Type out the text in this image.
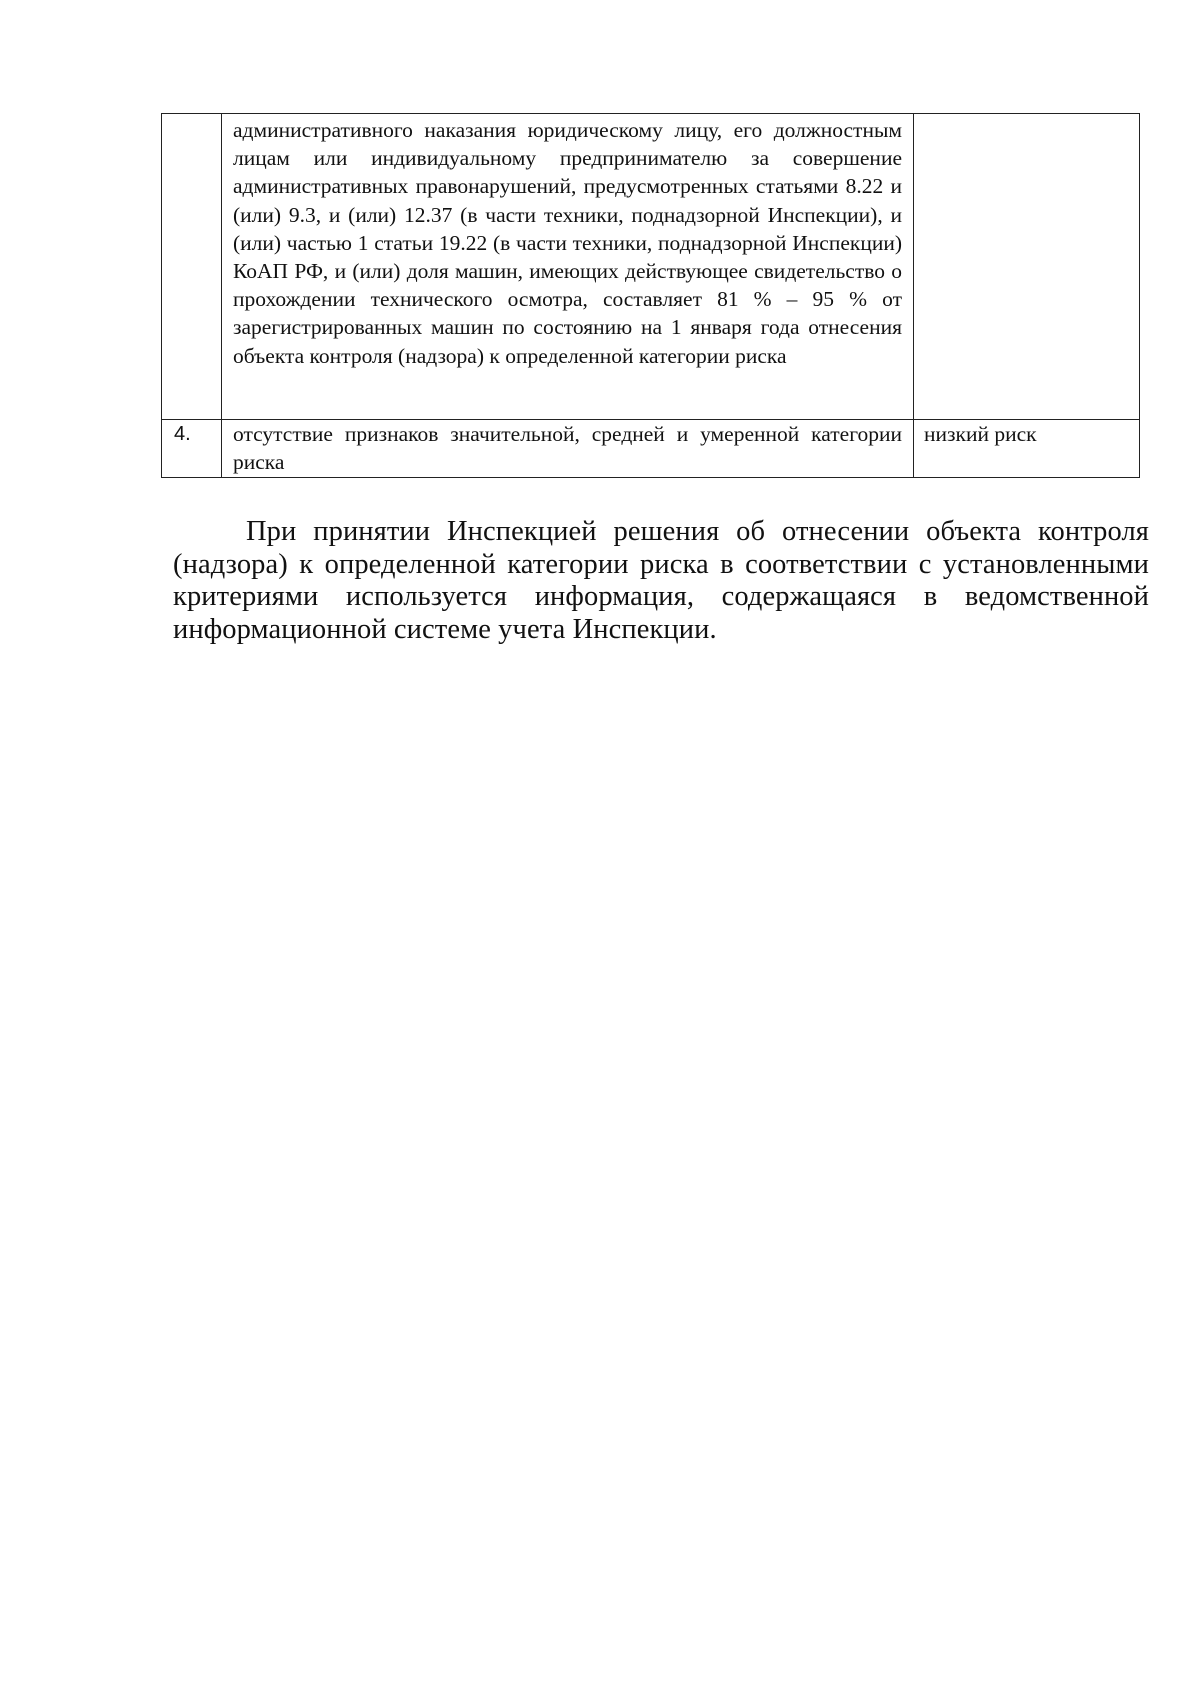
	административного наказания юридическому лицу, его должностным лицам или индивидуальному предпринимателю за совершение административных правонарушений, предусмотренных статьями 8.22 и (или) 9.3, и (или) 12.37 (в части техники, поднадзорной Инспекции), и (или) частью 1 статьи 19.22 (в части техники, поднадзорной Инспекции) КоАП РФ, и (или) доля машин, имеющих действующее свидетельство о прохождении технического осмотра, составляет 81 % – 95 % от зарегистрированных машин по состоянию на 1 января года отнесения объекта контроля (надзора) к определенной категории риска	

4.	отсутствие признаков значительной, средней и умеренной категории риска	низкий риск

При принятии Инспекцией решения об отнесении объекта контроля (надзора) к определенной категории риска в соответствии с установленными критериями используется информация, содержащаяся в ведомственной информационной системе учета Инспекции.
